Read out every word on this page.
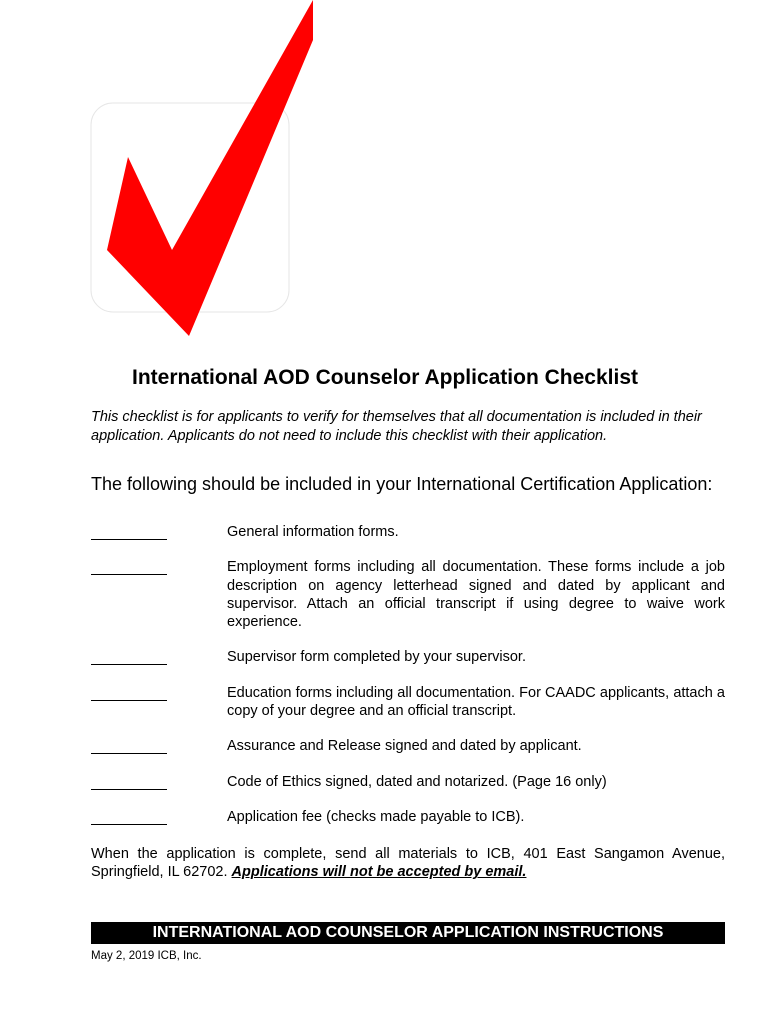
International AOD Counselor Application Checklist

This checklist is for applicants to verify for themselves that all documentation is included in their application. Applicants do not need to include this checklist with their application.

The following should be included in your International Certification Application:

General information forms.
Employment forms including all documentation. These forms include a job description on agency letterhead signed and dated by applicant and supervisor. Attach an official transcript if using degree to waive work experience.
Supervisor form completed by your supervisor.
Education forms including all documentation. For CAADC applicants, attach a copy of your degree and an official transcript.
Assurance and Release signed and dated by applicant.
Code of Ethics signed, dated and notarized. (Page 16 only)
Application fee (checks made payable to ICB).

When the application is complete, send all materials to ICB, 401 East Sangamon Avenue, Springfield, IL 62702. Applications will not be accepted by email.

INTERNATIONAL AOD COUNSELOR APPLICATION INSTRUCTIONS

May 2, 2019 ICB, Inc.
